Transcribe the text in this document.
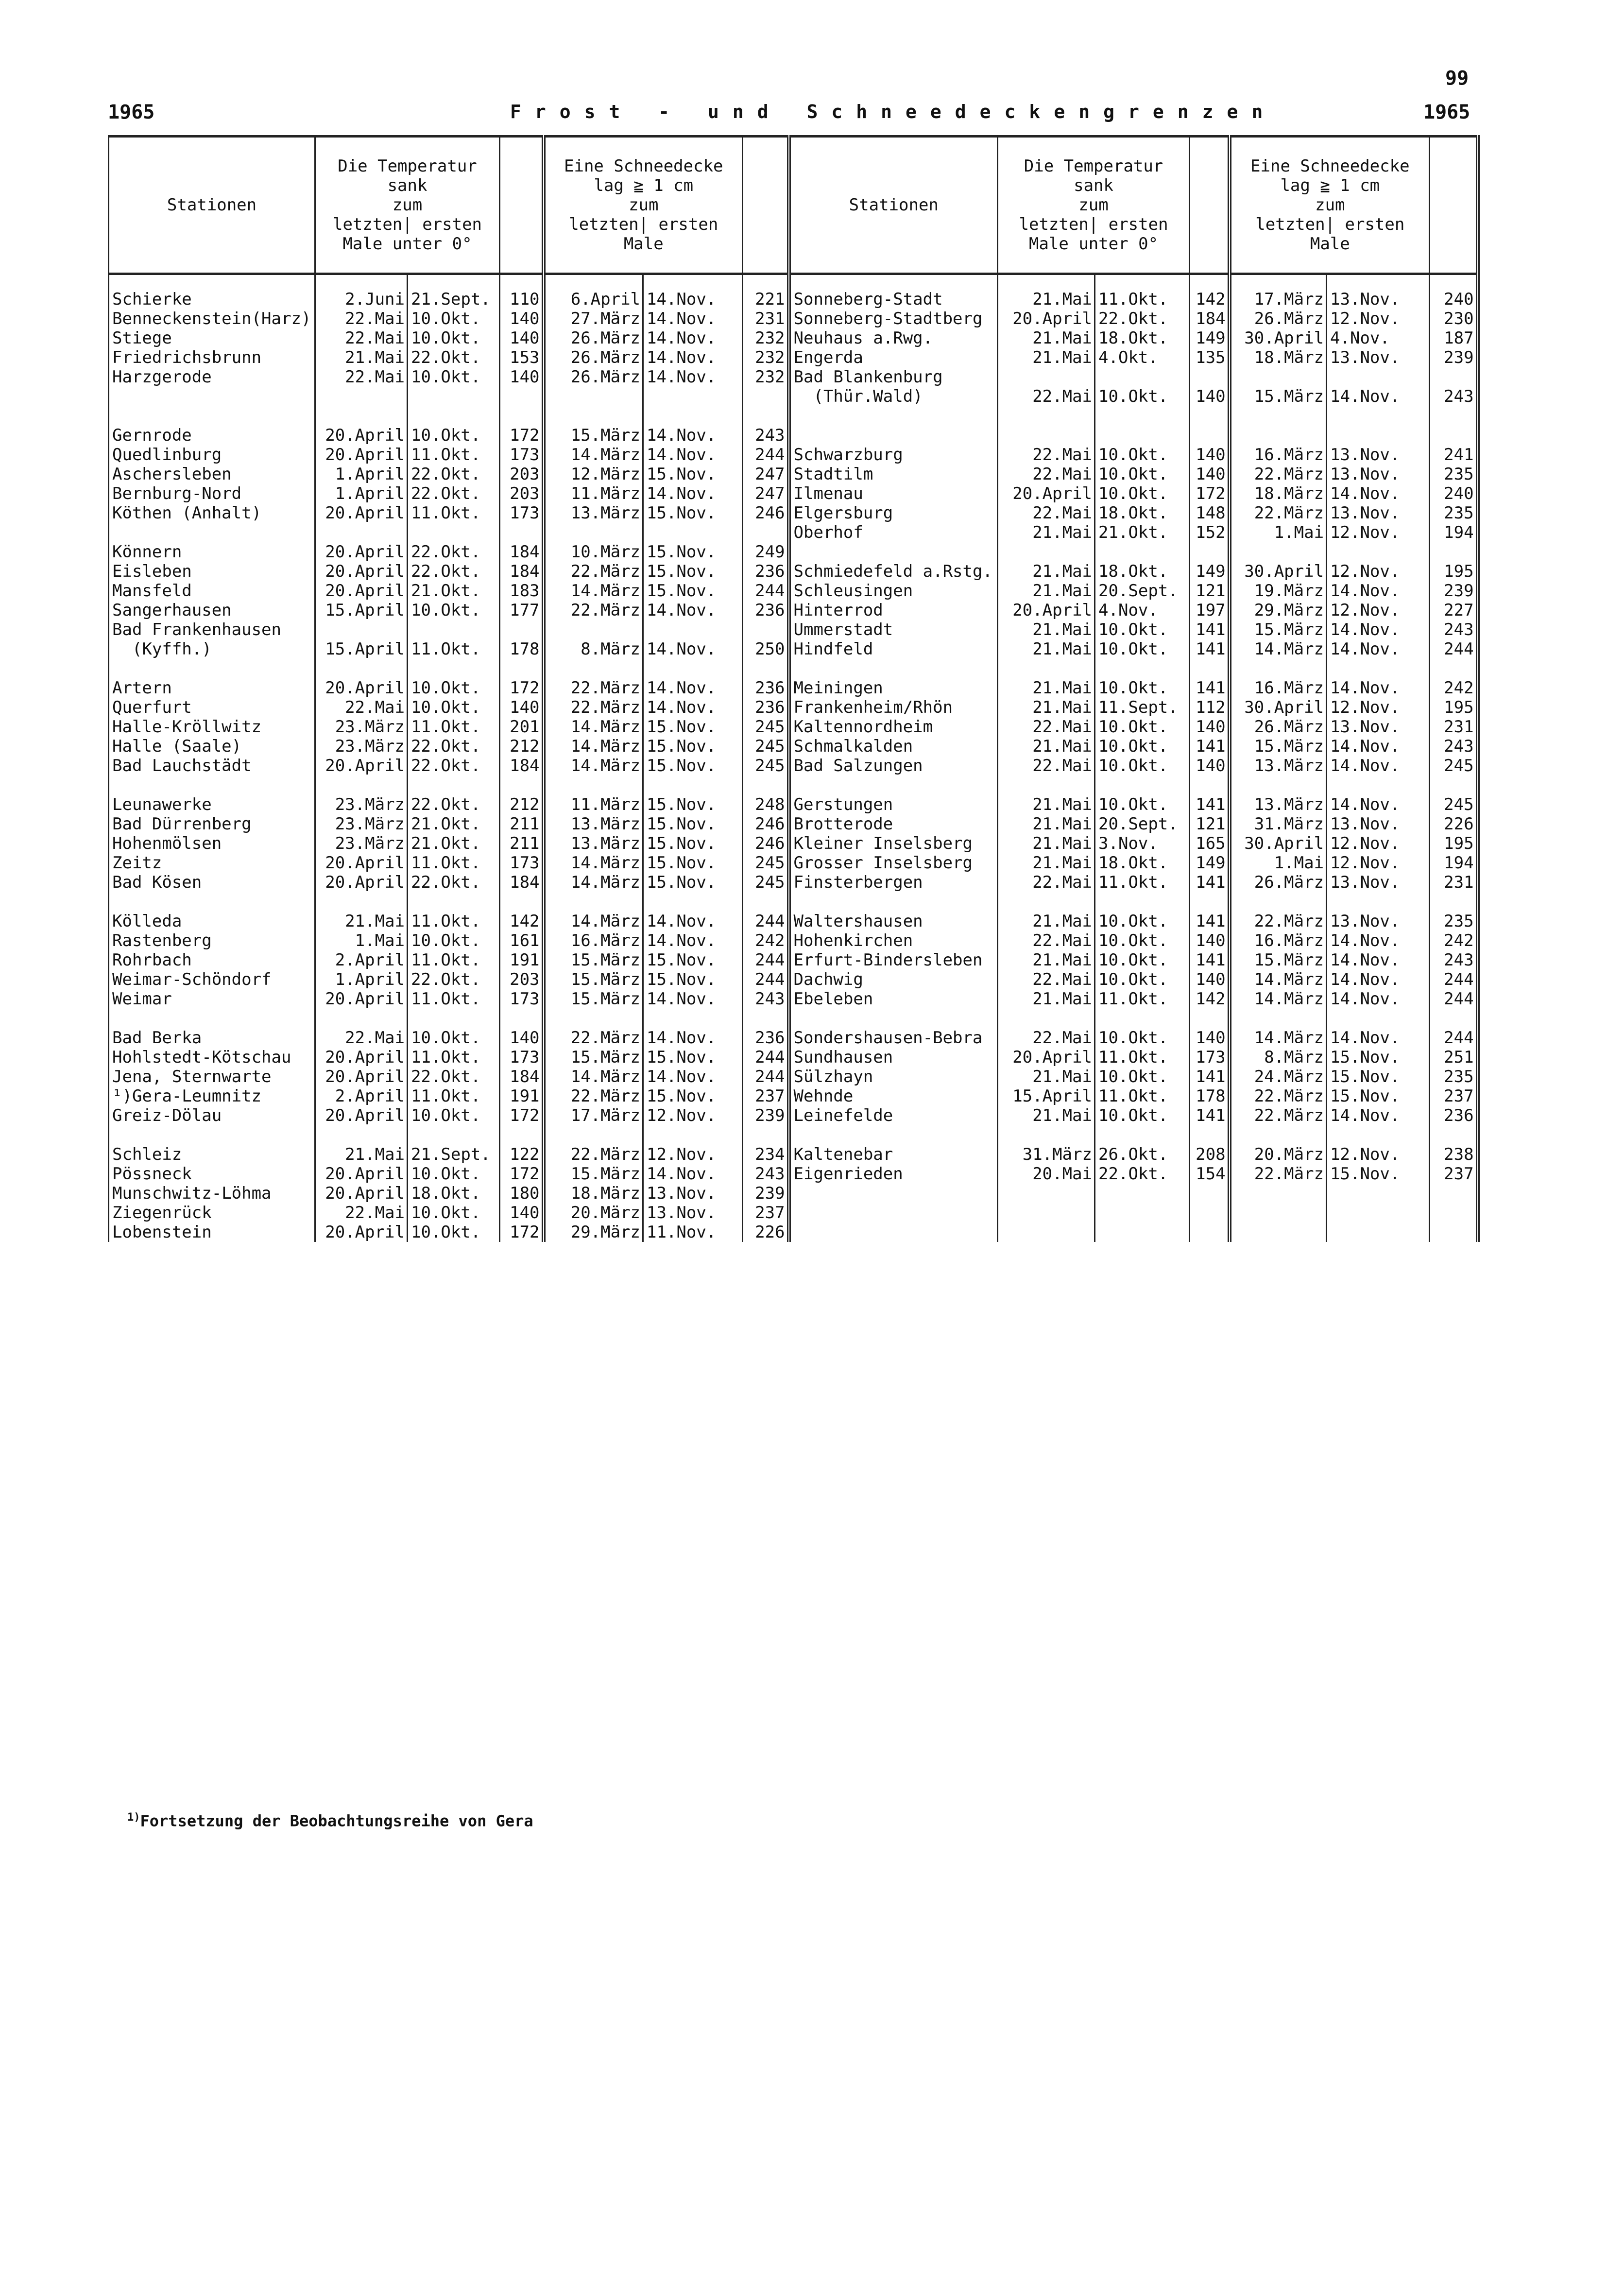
99
1965	Frost - und Schneedeckengrenzen	1965
Stationen	Die Temperatur
sank
zum
letzten| ersten
Male unter 0°			Eine Schneedecke
lag ≧ 1 cm
zum
letzten| ersten
Male			Stationen	Die Temperatur
sank
zum
letzten| ersten
Male unter 0°			Eine Schneedecke
lag ≧ 1 cm
zum
letzten| ersten
Male		
Schierke	2.Juni	21.Sept.	110	6.April	14.Nov.	221	Sonneberg-Stadt	21.Mai	11.Okt.	142	17.März	13.Nov.	240
Benneckenstein(Harz)	22.Mai	10.Okt.	140	27.März	14.Nov.	231	Sonneberg-Stadtberg	20.April	22.Okt.	184	26.März	12.Nov.	230
Stiege	22.Mai	10.Okt.	140	26.März	14.Nov.	232	Neuhaus a.Rwg.	21.Mai	18.Okt.	149	30.April	4.Nov.	187
Friedrichsbrunn	21.Mai	22.Okt.	153	26.März	14.Nov.	232	Engerda	21.Mai	4.Okt.	135	18.März	13.Nov.	239
Harzgerode	22.Mai	10.Okt.	140	26.März	14.Nov.	232	Bad Blankenburg						
							(Thür.Wald)	22.Mai	10.Okt.	140	15.März	14.Nov.	243

Gernrode	20.April	10.Okt.	172	15.März	14.Nov.	243							
Quedlinburg	20.April	11.Okt.	173	14.März	14.Nov.	244	Schwarzburg	22.Mai	10.Okt.	140	16.März	13.Nov.	241
Aschersleben	1.April	22.Okt.	203	12.März	15.Nov.	247	Stadtilm	22.Mai	10.Okt.	140	22.März	13.Nov.	235
Bernburg-Nord	1.April	22.Okt.	203	11.März	14.Nov.	247	Ilmenau	20.April	10.Okt.	172	18.März	14.Nov.	240
Köthen (Anhalt)	20.April	11.Okt.	173	13.März	15.Nov.	246	Elgersburg	22.Mai	18.Okt.	148	22.März	13.Nov.	235
							Oberhof	21.Mai	21.Okt.	152	1.Mai	12.Nov.	194
Könnern	20.April	22.Okt.	184	10.März	15.Nov.	249							
Eisleben	20.April	22.Okt.	184	22.März	15.Nov.	236	Schmiedefeld a.Rstg.	21.Mai	18.Okt.	149	30.April	12.Nov.	195
Mansfeld	20.April	21.Okt.	183	14.März	15.Nov.	244	Schleusingen	21.Mai	20.Sept.	121	19.März	14.Nov.	239
Sangerhausen	15.April	10.Okt.	177	22.März	14.Nov.	236	Hinterrod	20.April	4.Nov.	197	29.März	12.Nov.	227
Bad Frankenhausen							Ummerstadt	21.Mai	10.Okt.	141	15.März	14.Nov.	243
(Kyffh.)	15.April	11.Okt.	178	8.März	14.Nov.	250	Hindfeld	21.Mai	10.Okt.	141	14.März	14.Nov.	244

Artern	20.April	10.Okt.	172	22.März	14.Nov.	236	Meiningen	21.Mai	10.Okt.	141	16.März	14.Nov.	242
Querfurt	22.Mai	10.Okt.	140	22.März	14.Nov.	236	Frankenheim/Rhön	21.Mai	11.Sept.	112	30.April	12.Nov.	195
Halle-Kröllwitz	23.März	11.Okt.	201	14.März	15.Nov.	245	Kaltennordheim	22.Mai	10.Okt.	140	26.März	13.Nov.	231
Halle (Saale)	23.März	22.Okt.	212	14.März	15.Nov.	245	Schmalkalden	21.Mai	10.Okt.	141	15.März	14.Nov.	243
Bad Lauchstädt	20.April	22.Okt.	184	14.März	15.Nov.	245	Bad Salzungen	22.Mai	10.Okt.	140	13.März	14.Nov.	245

Leunawerke	23.März	22.Okt.	212	11.März	15.Nov.	248	Gerstungen	21.Mai	10.Okt.	141	13.März	14.Nov.	245
Bad Dürrenberg	23.März	21.Okt.	211	13.März	15.Nov.	246	Brotterode	21.Mai	20.Sept.	121	31.März	13.Nov.	226
Hohenmölsen	23.März	21.Okt.	211	13.März	15.Nov.	246	Kleiner Inselsberg	21.Mai	3.Nov.	165	30.April	12.Nov.	195
Zeitz	20.April	11.Okt.	173	14.März	15.Nov.	245	Grosser Inselsberg	21.Mai	18.Okt.	149	1.Mai	12.Nov.	194
Bad Kösen	20.April	22.Okt.	184	14.März	15.Nov.	245	Finsterbergen	22.Mai	11.Okt.	141	26.März	13.Nov.	231

Kölleda	21.Mai	11.Okt.	142	14.März	14.Nov.	244	Waltershausen	21.Mai	10.Okt.	141	22.März	13.Nov.	235
Rastenberg	1.Mai	10.Okt.	161	16.März	14.Nov.	242	Hohenkirchen	22.Mai	10.Okt.	140	16.März	14.Nov.	242
Rohrbach	2.April	11.Okt.	191	15.März	15.Nov.	244	Erfurt-Bindersleben	21.Mai	10.Okt.	141	15.März	14.Nov.	243
Weimar-Schöndorf	1.April	22.Okt.	203	15.März	15.Nov.	244	Dachwig	22.Mai	10.Okt.	140	14.März	14.Nov.	244
Weimar	20.April	11.Okt.	173	15.März	14.Nov.	243	Ebeleben	21.Mai	11.Okt.	142	14.März	14.Nov.	244

Bad Berka	22.Mai	10.Okt.	140	22.März	14.Nov.	236	Sondershausen-Bebra	22.Mai	10.Okt.	140	14.März	14.Nov.	244
Hohlstedt-Kötschau	20.April	11.Okt.	173	15.März	15.Nov.	244	Sundhausen	20.April	11.Okt.	173	8.März	15.Nov.	251
Jena, Sternwarte	20.April	22.Okt.	184	14.März	14.Nov.	244	Sülzhayn	21.Mai	10.Okt.	141	24.März	15.Nov.	235
¹)Gera-Leumnitz	2.April	11.Okt.	191	22.März	15.Nov.	237	Wehnde	15.April	11.Okt.	178	22.März	15.Nov.	237
Greiz-Dölau	20.April	10.Okt.	172	17.März	12.Nov.	239	Leinefelde	21.Mai	10.Okt.	141	22.März	14.Nov.	236

Schleiz	21.Mai	21.Sept.	122	22.März	12.Nov.	234	Kaltenebar	31.März	26.Okt.	208	20.März	12.Nov.	238
Pössneck	20.April	10.Okt.	172	15.März	14.Nov.	243	Eigenrieden	20.Mai	22.Okt.	154	22.März	15.Nov.	237
Munschwitz-Löhma	20.April	18.Okt.	180	18.März	13.Nov.	239							
Ziegenrück	22.Mai	10.Okt.	140	20.März	13.Nov.	237							
Lobenstein	20.April	10.Okt.	172	29.März	11.Nov.	226							
$^{1)}$Fortsetzung der Beobachtungsreihe von Gera
